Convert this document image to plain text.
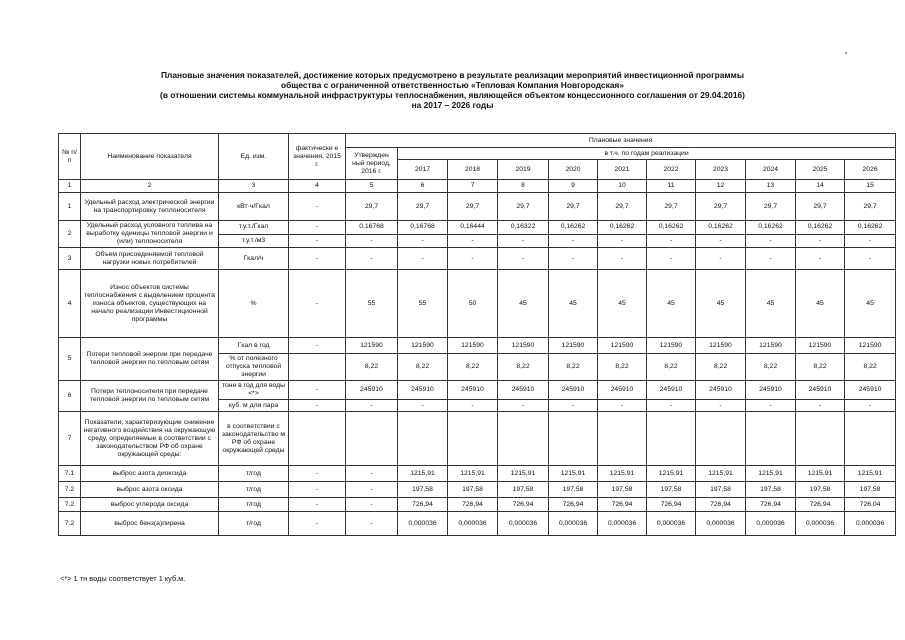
Плановые значения показателей, достижение которых предусмотрено в результате реализации мероприятий инвестиционной программы
общества с ограниченной ответственностью «Тепловая Компания Новгородская»
(в отношении системы коммунальной инфраструктуры теплоснабжения, являющейся объектом концессионного соглашения от 29.04.2016)
на 2017 – 2026 годы
№ п/п	Наименование показателя	Ед. изм.	фактически е значения, 2015 г.	Плановые значения										
				Утвержден ный период, 2016 г.	в т.ч. по годам реализации									
					2017	2018	2019	2020	2021	2022	2023	2024	2025	2026
1	2	3	4	5	6	7	8	9	10	11	12	13	14	15
1	Удельный расход электрической энергии на транспортировку теплоносителя	кВт·ч/Гкал	-	29,7	29,7	29,7	29,7	29,7	29,7	29,7	29,7	29,7	29,7	29,7
2	Удельный расход условного топлива на выработку единицы тепловой энергии и (или) теплоносителя	т.у.т./Гкал	-	0,16768	0,16768	0,16444	0,16322	0,16262	0,16262	0,16262	0,16262	0,16262	0,16262	0,16262
		т.у.т./м3	-	-	-	-	-	-	-	-	-	-	-	-
3	Объем присоединяемой тепловой нагрузки новых потребителей	Гкал/ч	-	-	-	-	-	-	-	-	-	-	-	-
4	Износ объектов системы теплоснабжения с выделением процента износа объектов, существующих на начало реализации Инвестиционной программы	%	-	55	55	50	45	45	45	45	45	45	45	45
5	Потери тепловой энергии при передаче тепловой энергии по тепловым сетям	Гкал в год	-	121590	121590	121590	121590	121590	121590	121590	121590	121590	121590	121590
		% от полезного отпуска тепловой энергии		8,22	8,22	8,22	8,22	8,22	8,22	8,22	8,22	8,22	8,22	8,22
6	Потери теплоносителя при передаче тепловой энергии по тепловым сетям	тонн в год для воды <*>	-	245910	245910	245910	245910	245910	245910	245910	245910	245910	245910	245910
		куб. м для пара	-	-	-	-	-	-	-	-	-	-	-	-
7	Показатели, характеризующие снижение негативного воздействия на окружающую среду, определяемые в соответствии с законодательством РФ об охране окружающей среды:	в соответствии с законодательство м РФ об охране окружающей среды												
7.1	выброс азота диоксида	т/год	-	-	1215,91	1215,91	1215,91	1215,91	1215,91	1215,91	1215,91	1215,91	1215,91	1215,91
7.2	выброс азота оксида	т/год	-	-	197,58	197,58	197,58	197,58	197,58	197,58	197,58	197,58	197,58	197,58
7.2	выброс углерода оксида	т/год	-	-	726,94	726,94	726,94	726,94	726,94	726,94	726,94	726,94	726,94	726,04
7.2	выброс бенз(а)пирена	т/год	-	-	0,000036	0,000036	0,000036	0,000036	0,000036	0,000036	0,000036	0,000036	0,000036	0,000036
<*> 1 тн воды соответствует 1 куб.м.
